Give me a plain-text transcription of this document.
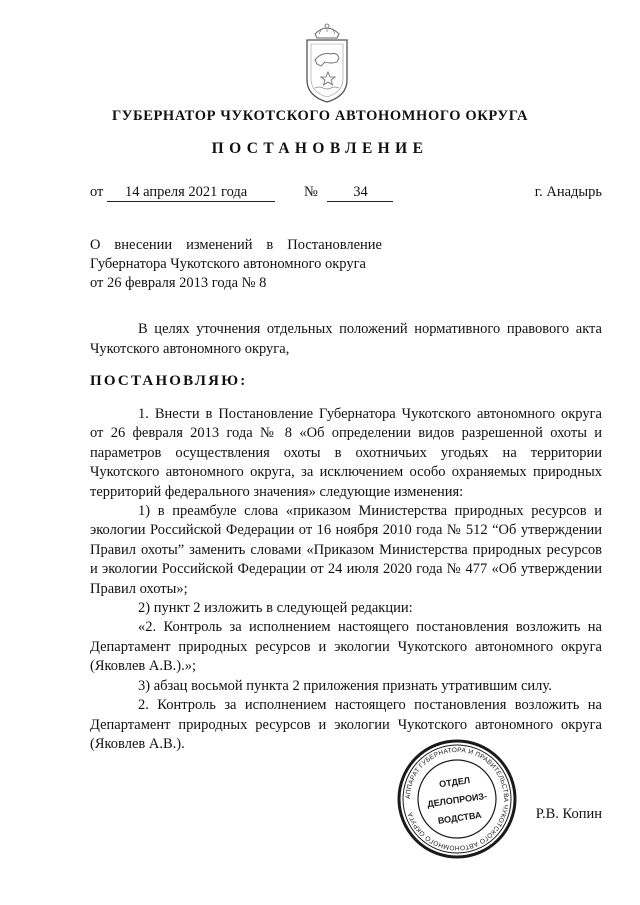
ГУБЕРНАТОР ЧУКОТСКОГО АВТОНОМНОГО ОКРУГА
ПОСТАНОВЛЕНИЕ
от 14 апреля 2021 года	№ 34	г. Анадырь
О внесении изменений в Постановление
Губернатора Чукотского автономного округа
от 26 февраля 2013 года № 8
В целях уточнения отдельных положений нормативного правового акта Чукотского автономного округа,
ПОСТАНОВЛЯЮ:

1. Внести в Постановление Губернатора Чукотского автономного округа от 26 февраля 2013 года № 8 «Об определении видов разрешенной охоты и параметров осуществления охоты в охотничьих угодьях на территории Чукотского автономного округа, за исключением особо охраняемых природных территорий федерального значения» следующие изменения:

1) в преамбуле слова «приказом Министерства природных ресурсов и экологии Российской Федерации от 16 ноября 2010 года № 512 “Об утверждении Правил охоты” заменить словами «Приказом Министерства природных ресурсов и экологии Российской Федерации от 24 июля 2020 года № 477 «Об утверждении Правил охоты»;

2) пункт 2 изложить в следующей редакции:

«2. Контроль за исполнением настоящего постановления возложить на Департамент природных ресурсов и экологии Чукотского автономного округа (Яковлев А.В.).»;

3) абзац восьмой пункта 2 приложения признать утратившим силу.

2. Контроль за исполнением настоящего постановления возложить на Департамент природных ресурсов и экологии Чукотского автономного округа (Яковлев А.В.).

АППАРАТ ГУБЕРНАТОРА И ПРАВИТЕЛЬСТВА ЧУКОТСКОГО АВТОНОМНОГО ОКРУГА
ОТДЕЛ
ДЕЛОПРОИЗ-
ВОДСТВА	Р.В. Копин
